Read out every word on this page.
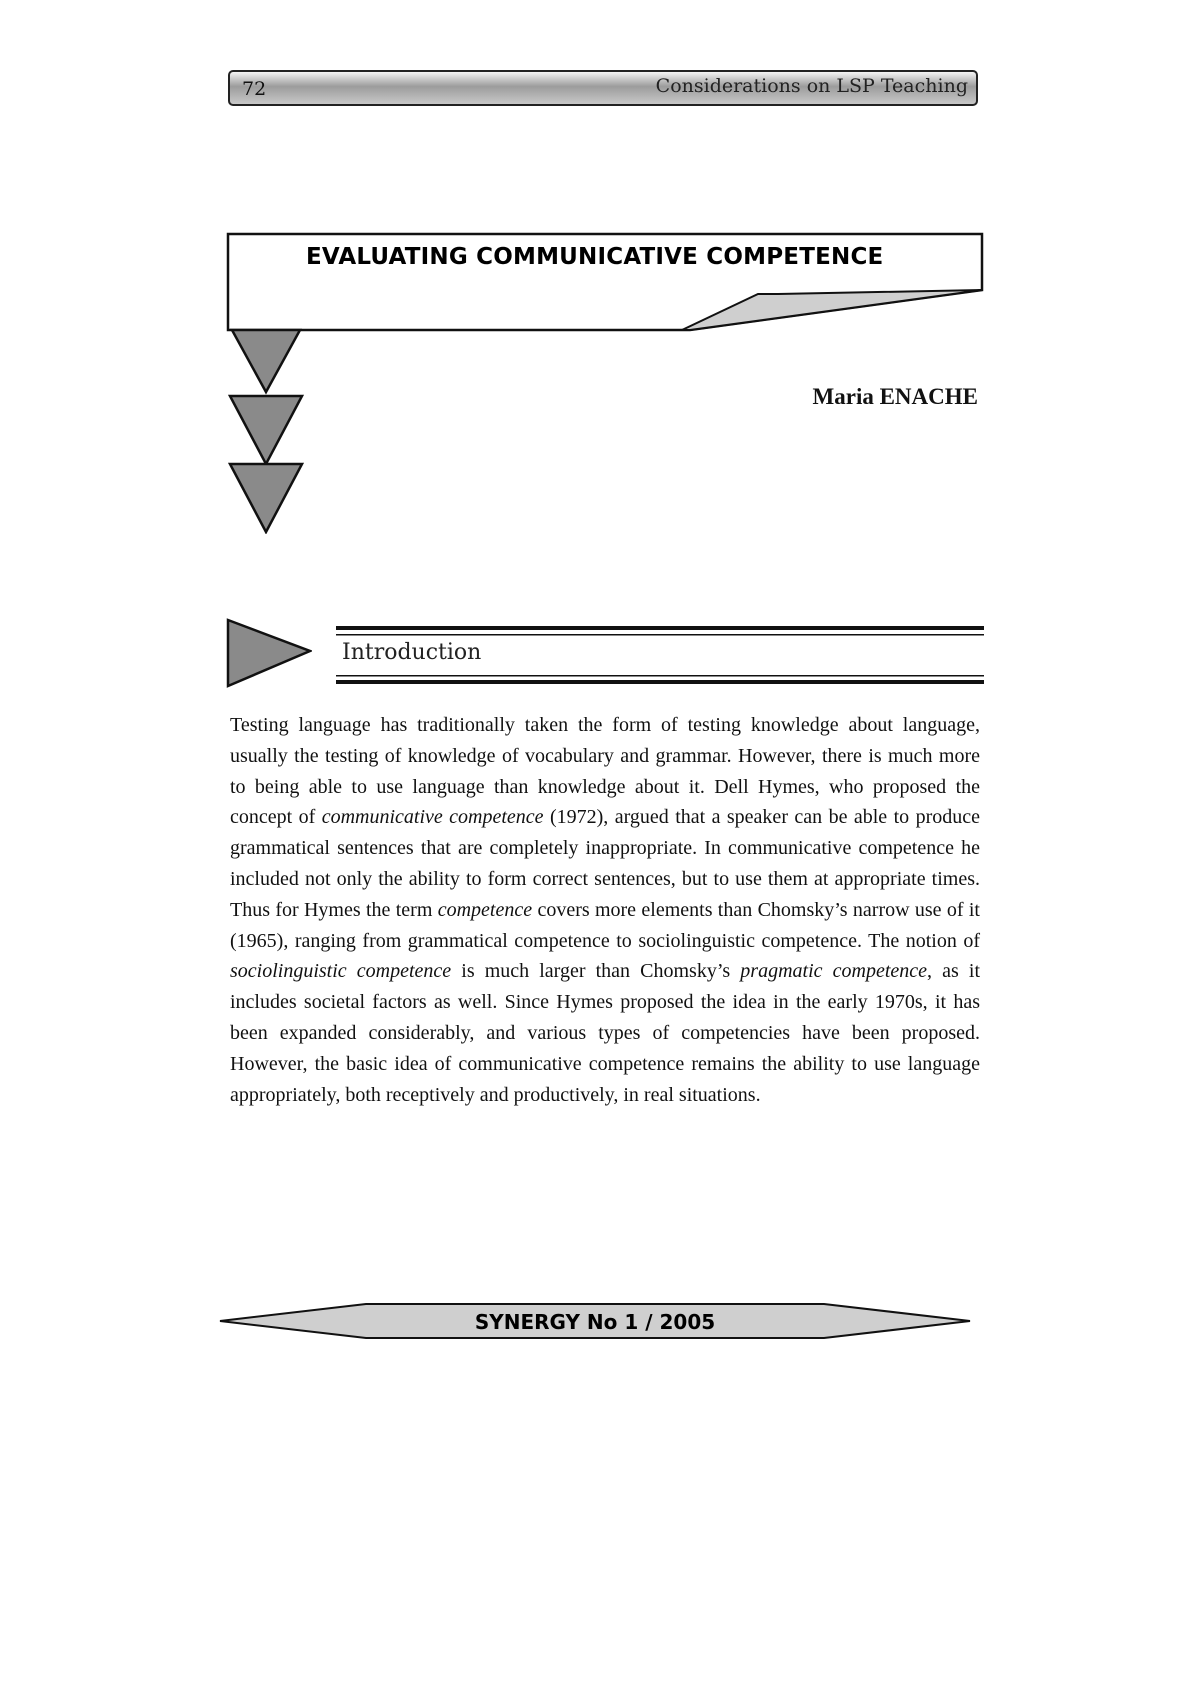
72	Considerations on LSP Teaching
EVALUATING COMMUNICATIVE COMPETENCE
Maria ENACHE
Introduction

Testing language has traditionally taken the form of testing knowledge about language, usually the testing of knowledge of vocabulary and grammar. However, there is much more to being able to use language than knowledge about it. Dell Hymes, who proposed the concept of communicative competence (1972), argued that a speaker can be able to produce grammatical sentences that are completely inappropriate. In communicative competence he included not only the ability to form correct sentences, but to use them at appropriate times. Thus for Hymes the term competence covers more elements than Chomsky’s narrow use of it (1965), ranging from grammatical competence to sociolinguistic competence. The notion of sociolinguistic competence is much larger than Chomsky’s pragmatic competence, as it includes societal factors as well. Since Hymes proposed the idea in the early 1970s, it has been expanded considerably, and various types of competencies have been proposed. However, the basic idea of communicative competence remains the ability to use language appropriately, both receptively and productively, in real situations.

SYNERGY No 1 / 2005
